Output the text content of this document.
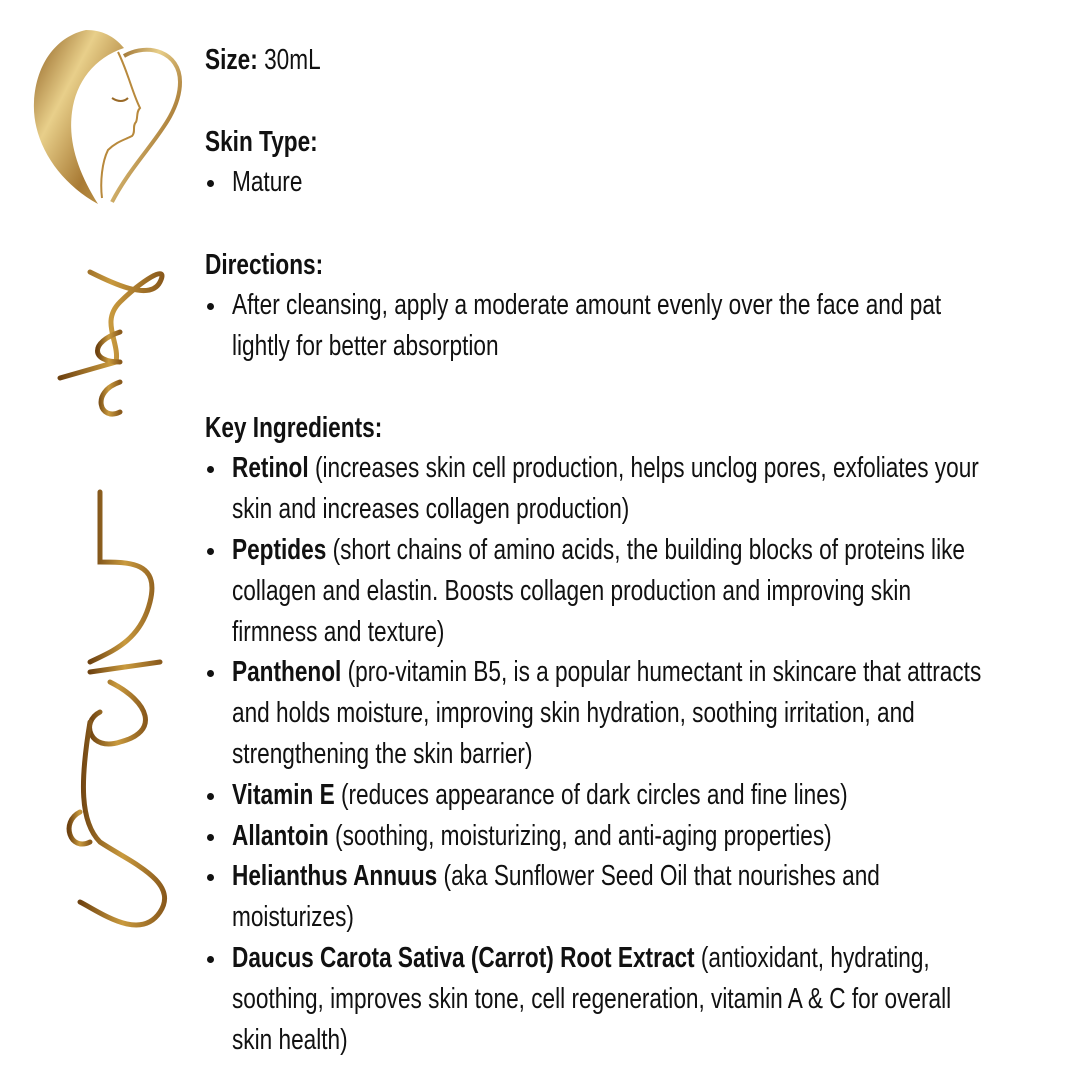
Size: 30mL
Skin Type:
Mature
Directions:
After cleansing, apply a moderate amount evenly over the face and pat
lightly for better absorption
Key Ingredients:
Retinol (increases skin cell production, helps unclog pores, exfoliates your
skin and increases collagen production)
Peptides (short chains of amino acids, the building blocks of proteins like
collagen and elastin. Boosts collagen production and improving skin
firmness and texture)
Panthenol (pro-vitamin B5, is a popular humectant in skincare that attracts
and holds moisture, improving skin hydration, soothing irritation, and
strengthening the skin barrier)
Vitamin E (reduces appearance of dark circles and fine lines)
Allantoin (soothing, moisturizing, and anti-aging properties)
Helianthus Annuus (aka Sunflower Seed Oil that nourishes and
moisturizes)
Daucus Carota Sativa (Carrot) Root Extract (antioxidant, hydrating,
soothing, improves skin tone, cell regeneration, vitamin A & C for overall
skin health)
